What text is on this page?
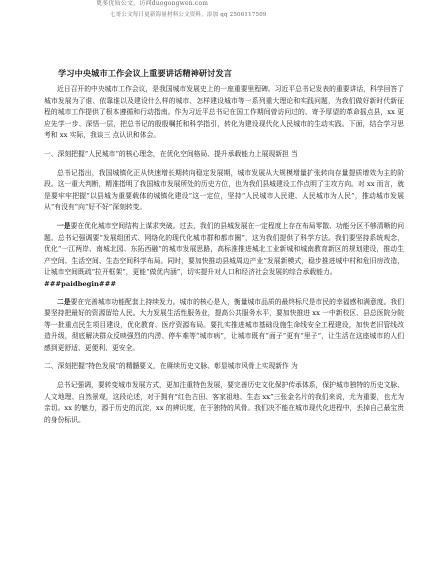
更多优质公文，访问duogongwen.com
七哥公文每日更新海量材料公文资料，添加 qq 2506117509
学习中央城市工作会议上重要讲话精神研讨发言

近日召开的中央城市工作会议，是我国城市发展史上的一座重要里程碑。习近平总书记发表的重要讲话，科学回答了城市发展为了谁、依靠谁以及建设什么样的城市、怎样建设城市等一系列重大理论和实践问题，为我们做好新时代新征程的城市工作提供了根本遵循和行动指南。作为习近平总书记在国工作期间曾访问过的、寄予厚望的革命摇点县，xx 更应先学一步、深悟一层，把总书记的殷殷嘱托和科学指引，转化为建设现代化人民城市的生动实践。下面，结合学习思考和 xx 实际，我谈三 点认识和体会。

一、深刻把握“人民城市”的核心理念，在优化空间格局、提升承载能力上展现新担 当

总书记指出，我国城镇化正从快速增长期转向稳定发展期，城市发展从大规模增量扩张转向存量提质增效为主的阶段。这一重大判断，精准指明了我国城市发展所处的历史方位，也为我们县城建设工作点明了主攻方向。对 xx 而言，就是要牢牢把握“以县城为重要载体的城镇化建设”这一定位，坚持“人民城市人民建、人民城市为人民”，推动城市发展从“有没有”向“好不好”深刻转变。

一是要在优化城市空间结构上谋求突破。过去，我们的县城发展在一定程度上存在布局零散、功能分区不够清晰的问题。总书记强调要“发展组团式、网络化的现代化城市群和都市圈”，这为我们提供了科学方法。我们要坚持系统观念，优化“一江两岸、南城北园、东拓西融”的城市发展思路，高标准推进城北工业新城和城南教育新区的规划建设，推动生产空间、生活空间、生态空间科学布局。同时，要加快推动县城周边产业“发展新模式，稳步推进城中村和危旧房改造，让城市空间既疏“拉开框架”，更能“做优内涵”，切实提升对人口和经济社会发展的综合承载能力。

###paidbegin###

二是要在完善城市功能配套上持续发力。城市的核心是人，衡量城市品质的最终标尺是市民的幸福感和满意度。我们要坚持把最好的资源留给人民。大力发展生活性服务业，提高公共服务水平，要加快推进 xx 一中新校区、县总医院分院等一批重点民生项目建设，优化教育、医疗资源布局。要扎实推进城市基础设施生命线安全工程建设，加快老旧管线改造升级，彻底解决群众反映强烈的内涝、停车难等“城市病”，让城市既有“面子”更有“里子”，让生活在这座城市的人们感到更舒适、更便利、更安全。

二、深刻把握“特色发展”的精髓要义，在赓续历史文脉、彰显城市风骨上实现新作 为

总书记强调，要转变城市发展方式，更加注重特色发展，要完善历史文化保护传承体系，保护城市独特的历史文脉、人文地理、自然景观，这段论述，对于拥有“红色古田、客家祖地、生态 xx”三张金名片的我们来说，尤为重要，也尤为亲切。xx 的魅力，源于历史的沉淀，xx 的辨识度，在于独特的风骨。我们决不能在城市现代化进程中，丢掉自己最宝贵的身份标识。
